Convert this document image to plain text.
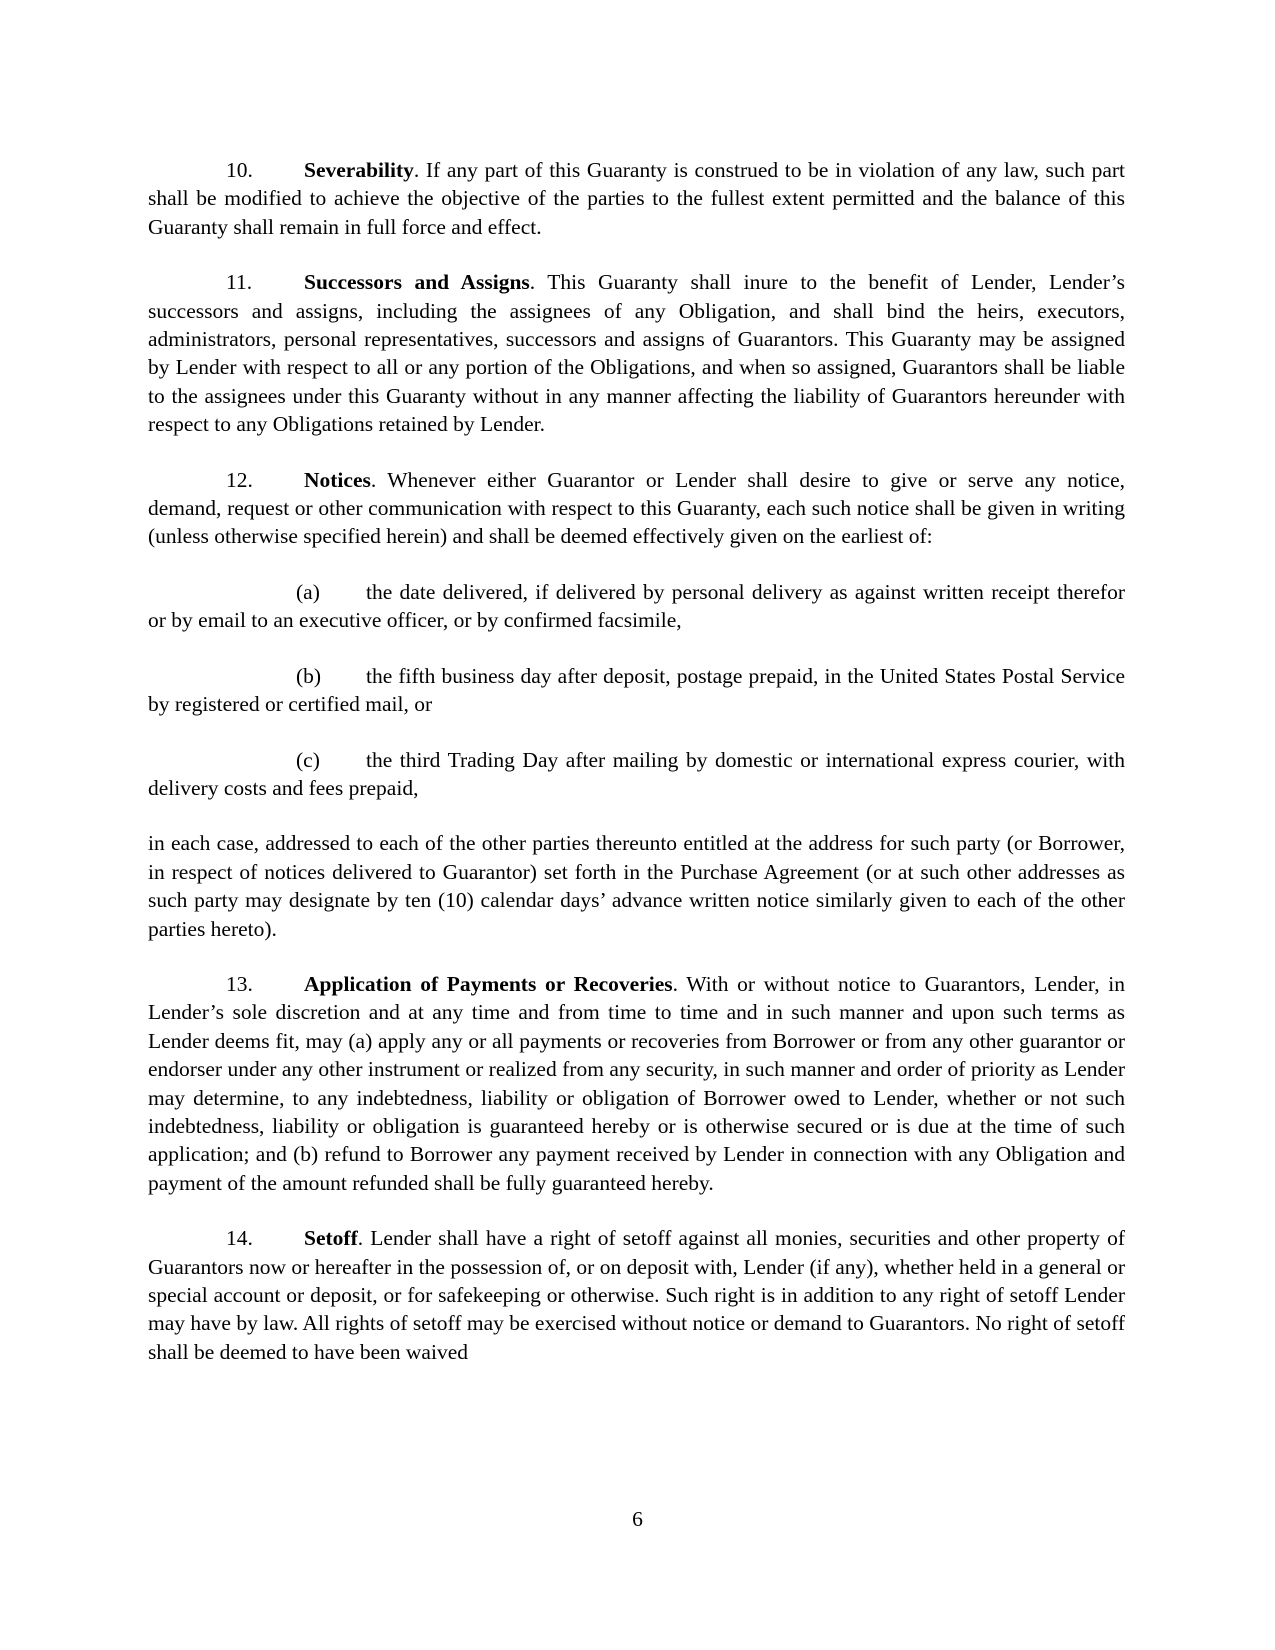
10. Severability. If any part of this Guaranty is construed to be in violation of any law, such part shall be modified to achieve the objective of the parties to the fullest extent permitted and the balance of this Guaranty shall remain in full force and effect.

11. Successors and Assigns. This Guaranty shall inure to the benefit of Lender, Lender’s successors and assigns, including the assignees of any Obligation, and shall bind the heirs, executors, administrators, personal representatives, successors and assigns of Guarantors. This Guaranty may be assigned by Lender with respect to all or any portion of the Obligations, and when so assigned, Guarantors shall be liable to the assignees under this Guaranty without in any manner affecting the liability of Guarantors hereunder with respect to any Obligations retained by Lender.

12. Notices. Whenever either Guarantor or Lender shall desire to give or serve any notice, demand, request or other communication with respect to this Guaranty, each such notice shall be given in writing (unless otherwise specified herein) and shall be deemed effectively given on the earliest of:

(a) the date delivered, if delivered by personal delivery as against written receipt therefor or by email to an executive officer, or by confirmed facsimile,

(b) the fifth business day after deposit, postage prepaid, in the United States Postal Service by registered or certified mail, or

(c) the third Trading Day after mailing by domestic or international express courier, with delivery costs and fees prepaid,

in each case, addressed to each of the other parties thereunto entitled at the address for such party (or Borrower, in respect of notices delivered to Guarantor) set forth in the Purchase Agreement (or at such other addresses as such party may designate by ten (10) calendar days’ advance written notice similarly given to each of the other parties hereto).

13. Application of Payments or Recoveries. With or without notice to Guarantors, Lender, in Lender’s sole discretion and at any time and from time to time and in such manner and upon such terms as Lender deems fit, may (a) apply any or all payments or recoveries from Borrower or from any other guarantor or endorser under any other instrument or realized from any security, in such manner and order of priority as Lender may determine, to any indebtedness, liability or obligation of Borrower owed to Lender, whether or not such indebtedness, liability or obligation is guaranteed hereby or is otherwise secured or is due at the time of such application; and (b) refund to Borrower any payment received by Lender in connection with any Obligation and payment of the amount refunded shall be fully guaranteed hereby.

14. Setoff. Lender shall have a right of setoff against all monies, securities and other property of Guarantors now or hereafter in the possession of, or on deposit with, Lender (if any), whether held in a general or special account or deposit, or for safekeeping or otherwise. Such right is in addition to any right of setoff Lender may have by law. All rights of setoff may be exercised without notice or demand to Guarantors. No right of setoff shall be deemed to have been waived

6
